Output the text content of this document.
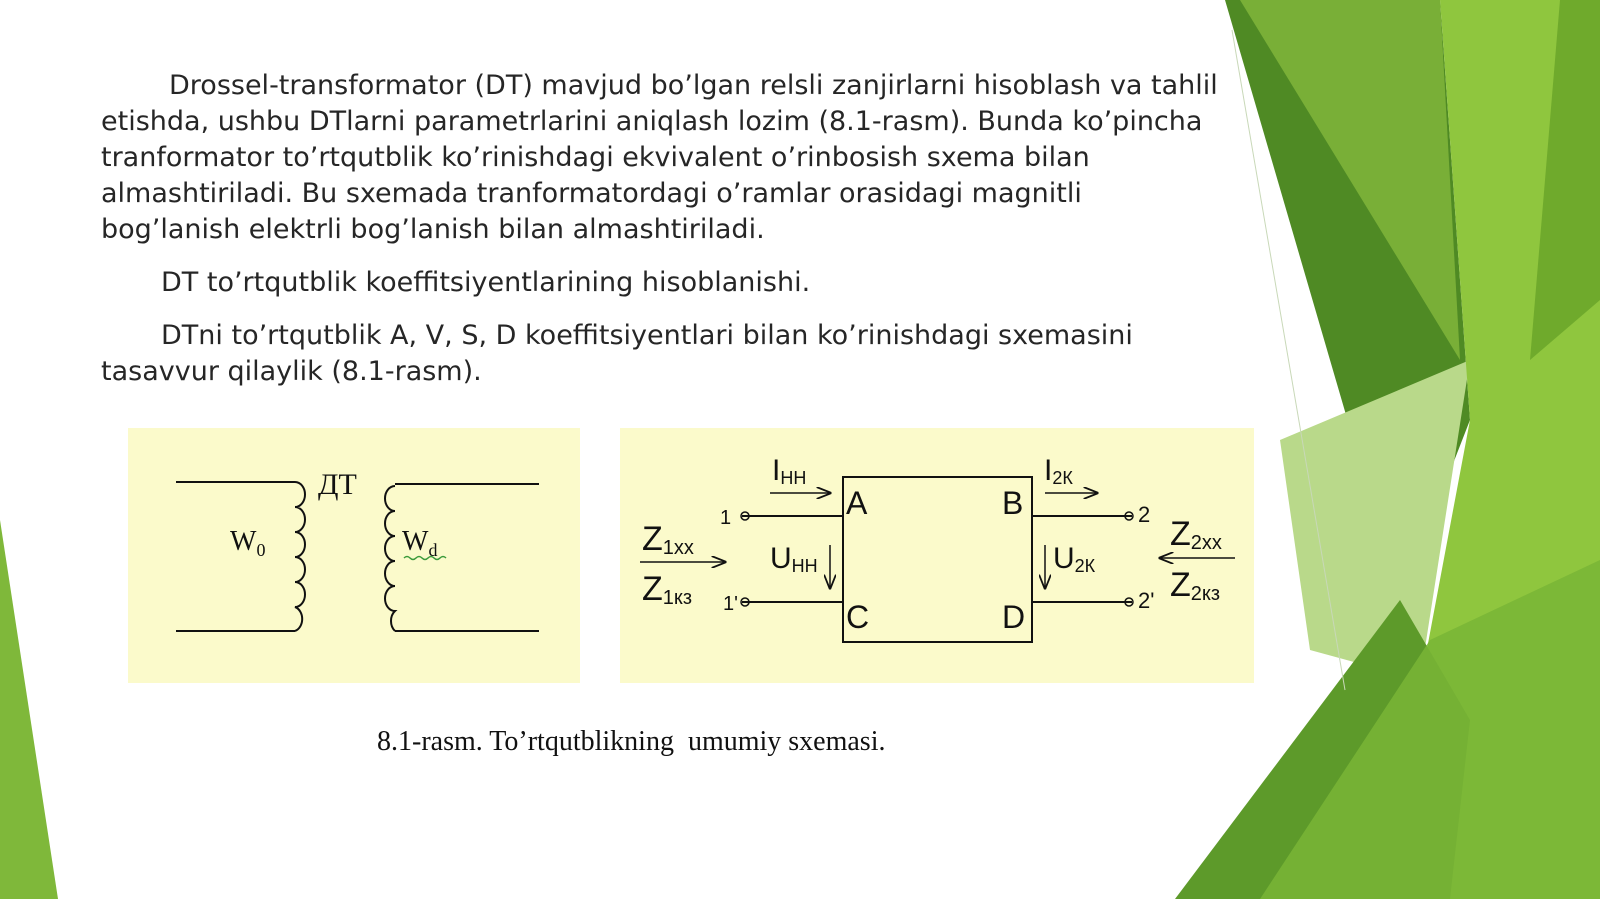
Drossel-transformator (DT) mavjud bo’lgan relsli zanjirlarni hisoblash va tahlil etishda, ushbu DTlarni parametrlarini aniqlash lozim (8.1-rasm). Bunda ko’pincha tranformator to’rtqutblik ko’rinishdagi ekvivalent o’rinbosish sxema bilan almashtiriladi. Bu sxemada tranformatordagi o’ramlar orasidagi magnitli bog’lanish elektrli bog’lanish bilan almashtiriladi.

DT to’rtqutblik koeffitsiyentlarining hisoblanishi.

DTni to’rtqutblik A, V, S, D koeffitsiyentlari bilan ko’rinishdagi sxemasini tasavvur qilaylik (8.1-rasm).

ДТ
$W_0$	$W_d$
A	B
C	D
IНН	I2К
UНН	U2К
Z1хх
Z1кз
Z2хх
Z2кз
1
1'
2
2'

8.1-rasm. To’rtqutblikning  umumiy sxemasi.
